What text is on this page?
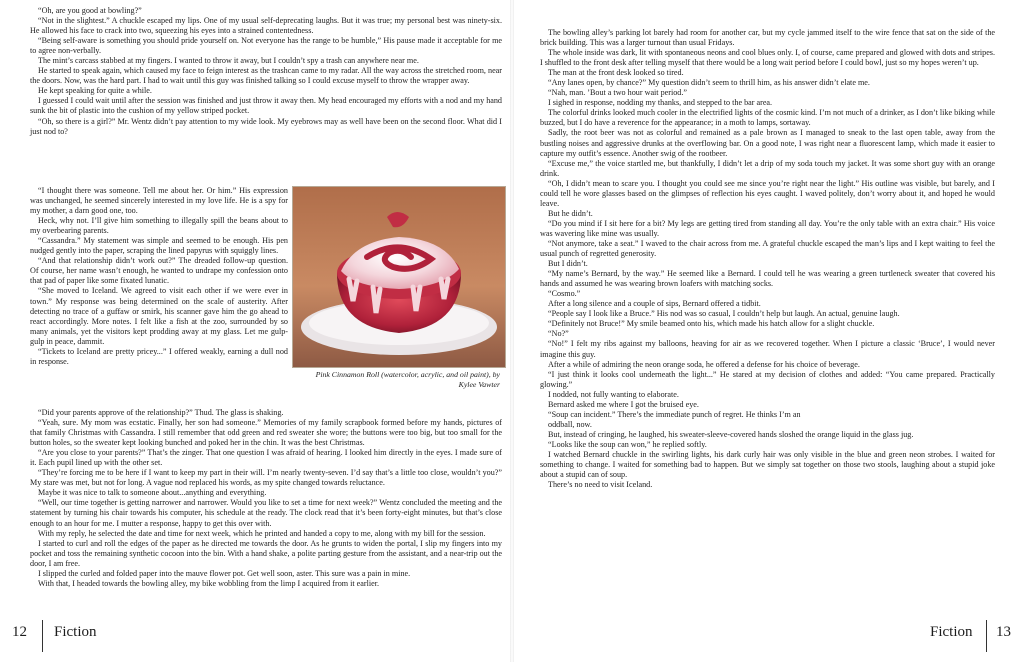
“Oh, are you good at bowling?”

“Not in the slightest.” A chuckle escaped my lips. One of my usual self-deprecating laughs. But it was true; my personal best was ninety-six. He allowed his face to crack into two, squeezing his eyes into a strained contentedness.

“Being self-aware is something you should pride yourself on. Not everyone has the range to be humble,” His pause made it acceptable for me to agree non-verbally.

The mint’s carcass stabbed at my fingers. I wanted to throw it away, but I couldn’t spy a trash can anywhere near me.

He started to speak again, which caused my face to feign interest as the trashcan came to my radar. All the way across the stretched room, near the doors. Now, was the hard part. I had to wait until this guy was finished talking so I could excuse myself to throw the wrapper away.

He kept speaking for quite a while.

I guessed I could wait until after the session was finished and just throw it away then. My head encouraged my efforts with a nod and my hand sunk the bit of plastic into the cushion of my yellow striped pocket.

“Oh, so there is a girl?” Mr. Wentz didn’t pay attention to my wide look. My eyebrows may as well have been on the second floor. What did I just nod to?

“I thought there was someone. Tell me about her. Or him.” His expression was unchanged, he seemed sincerely interested in my love life. He is a spy for my mother, a darn good one, too.

Heck, why not. I’ll give him something to illegally spill the beans about to my overbearing parents.

“Cassandra.” My statement was simple and seemed to be enough. His pen nudged gently into the paper, scraping the lined papyrus with squiggly lines.

“And that relationship didn’t work out?” The dreaded follow-up question. Of course, her name wasn’t enough, he wanted to undrape my confession onto that pad of paper like some fixated lunatic.

“She moved to Iceland. We agreed to visit each other if we were ever in town.” My response was being determined on the scale of austerity. After detecting no trace of a guffaw or smirk, his scanner gave him the go ahead to react accordingly. More notes. I felt like a fish at the zoo, surrounded by so many animals, yet the visitors kept prodding away at my glass. Let me gulp-gulp in peace, dammit.

“Tickets to Iceland are pretty pricey...” I offered weakly, earning a dull nod in response.

Pink Cinnamon Roll (watercolor, acrylic, and oil paint), by Kylee Vawter

“Did your parents approve of the relationship?” Thud. The glass is shaking.

“Yeah, sure. My mom was ecstatic. Finally, her son had someone.” Memories of my family scrapbook formed before my hands, pictures of that family Christmas with Cassandra. I still remember that odd green and red sweater she wore; the buttons were too big, but too small for the button holes, so the sweater kept looking bunched and poked her in the chin. It was the best Christmas.

“Are you close to your parents?” That’s the zinger. That one question I was afraid of hearing. I looked him directly in the eyes. I made sure of it. Each pupil lined up with the other set.

“They’re forcing me to be here if I want to keep my part in their will. I’m nearly twenty-seven. I’d say that’s a little too close, wouldn’t you?” My stare was met, but not for long. A vague nod replaced his words, as my spite changed towards reluctance.

Maybe it was nice to talk to someone about...anything and everything.

“Well, our time together is getting narrower and narrower. Would you like to set a time for next week?” Wentz concluded the meeting and the statement by turning his chair towards his computer, his schedule at the ready. The clock read that it’s been forty-eight minutes, but that’s close enough to an hour for me. I mutter a response, happy to get this over with.

With my reply, he selected the date and time for next week, which he printed and handed a copy to me, along with my bill for the session.

I started to curl and roll the edges of the paper as he directed me towards the door. As he grunts to widen the portal, I slip my fingers into my pocket and toss the remaining synthetic cocoon into the bin. With a hand shake, a polite parting gesture from the assistant, and a near-trip out the door, I am free.

I slipped the curled and folded paper into the mauve flower pot. Get well soon, aster. This sure was a pain in mine.

With that, I headed towards the bowling alley, my bike wobbling from the limp I acquired from it earlier.

12 Fiction

The bowling alley’s parking lot barely had room for another car, but my cycle jammed itself to the wire fence that sat on the side of the brick building. This was a larger turnout than usual Fridays.

The whole inside was dark, lit with spontaneous neons and cool blues only. I, of course, came prepared and glowed with dots and stripes. I shuffled to the front desk after telling myself that there would be a long wait period before I could bowl, just so my hopes weren’t up.

The man at the front desk looked so tired.

“Any lanes open, by chance?” My question didn’t seem to thrill him, as his answer didn’t elate me.

“Nah, man. ’Bout a two hour wait period.”

I sighed in response, nodding my thanks, and stepped to the bar area.

The colorful drinks looked much cooler in the electrified lights of the cosmic kind. I’m not much of a drinker, as I don’t like biking while buzzed, but I do have a reverence for the appearance; in a moth to lamps, sortaway.

Sadly, the root beer was not as colorful and remained as a pale brown as I managed to sneak to the last open table, away from the bustling noises and aggressive drunks at the overflowing bar. On a good note, I was right near a fluorescent lamp, which made it easier to capture my outfit’s essence. Another swig of the rootbeer.

“Excuse me,” the voice startled me, but thankfully, I didn’t let a drip of my soda touch my jacket. It was some short guy with an orange drink.

“Oh, I didn’t mean to scare you. I thought you could see me since you’re right near the light.” His outline was visible, but barely, and I could tell he wore glasses based on the glimpses of reflection his eyes caught. I waved politely, don’t worry about it, and hoped he would leave.

But he didn’t.

“Do you mind if I sit here for a bit? My legs are getting tired from standing all day. You’re the only table with an extra chair.” His voice was wavering like mine was usually.

“Not anymore, take a seat.” I waved to the chair across from me. A grateful chuckle escaped the man’s lips and I kept waiting to feel the usual punch of regretted generosity.

But I didn’t.

“My name’s Bernard, by the way.” He seemed like a Bernard. I could tell he was wearing a green turtleneck sweater that covered his hands and assumed he was wearing brown loafers with matching socks.

“Cosmo.”

After a long silence and a couple of sips, Bernard offered a tidbit.

“People say I look like a Bruce.” His nod was so casual, I couldn’t help but laugh. An actual, genuine laugh.

“Definitely not Bruce!” My smile beamed onto his, which made his hatch allow for a slight chuckle.

“No?”

“No!” I felt my ribs against my balloons, heaving for air as we recovered together. When I picture a classic ‘Bruce’, I would never imagine this guy.

After a while of admiring the neon orange soda, he offered a defense for his choice of beverage.

“I just think it looks cool underneath the light...” He stared at my decision of clothes and added: “You came prepared. Practically glowing.”

I nodded, not fully wanting to elaborate.

Bernard asked me where I got the bruised eye.

“Soup can incident.” There’s the immediate punch of regret. He thinks I’m an

oddball, now.

But, instead of cringing, he laughed, his sweater-sleeve-covered hands sloshed the orange liquid in the glass jug.

“Looks like the soup can won,” he replied softly.

I watched Bernard chuckle in the swirling lights, his dark curly hair was only visible in the blue and green neon strobes. I waited for something to change. I waited for something bad to happen. But we simply sat together on those two stools, laughing about a stupid joke about a stupid can of soup.

There’s no need to visit Iceland.

Fiction 13
